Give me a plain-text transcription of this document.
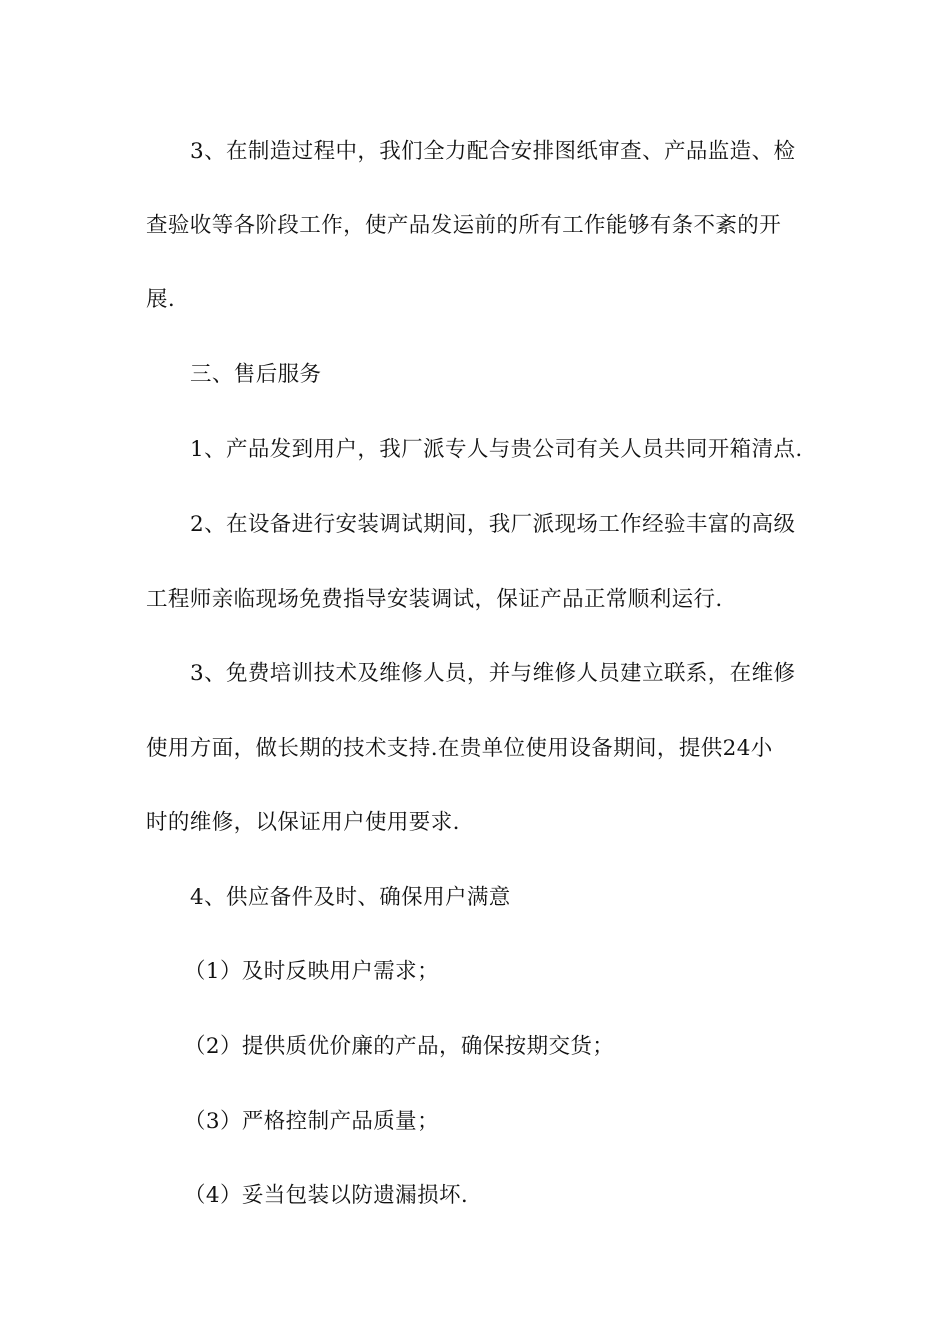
3、在制造过程中，我们全力配合安排图纸审查、产品监造、检
查验收等各阶段工作，使产品发运前的所有工作能够有条不紊的开
展.
三、售后服务
1、产品发到用户，我厂派专人与贵公司有关人员共同开箱清点.
2、在设备进行安装调试期间，我厂派现场工作经验丰富的高级
工程师亲临现场免费指导安装调试，保证产品正常顺利运行.
3、免费培训技术及维修人员，并与维修人员建立联系，在维修
使用方面，做长期的技术支持.在贵单位使用设备期间，提供24小
时的维修，以保证用户使用要求.
4、供应备件及时、确保用户满意
（1）及时反映用户需求；
（2）提供质优价廉的产品，确保按期交货；
（3）严格控制产品质量；
（4）妥当包装以防遗漏损坏.
